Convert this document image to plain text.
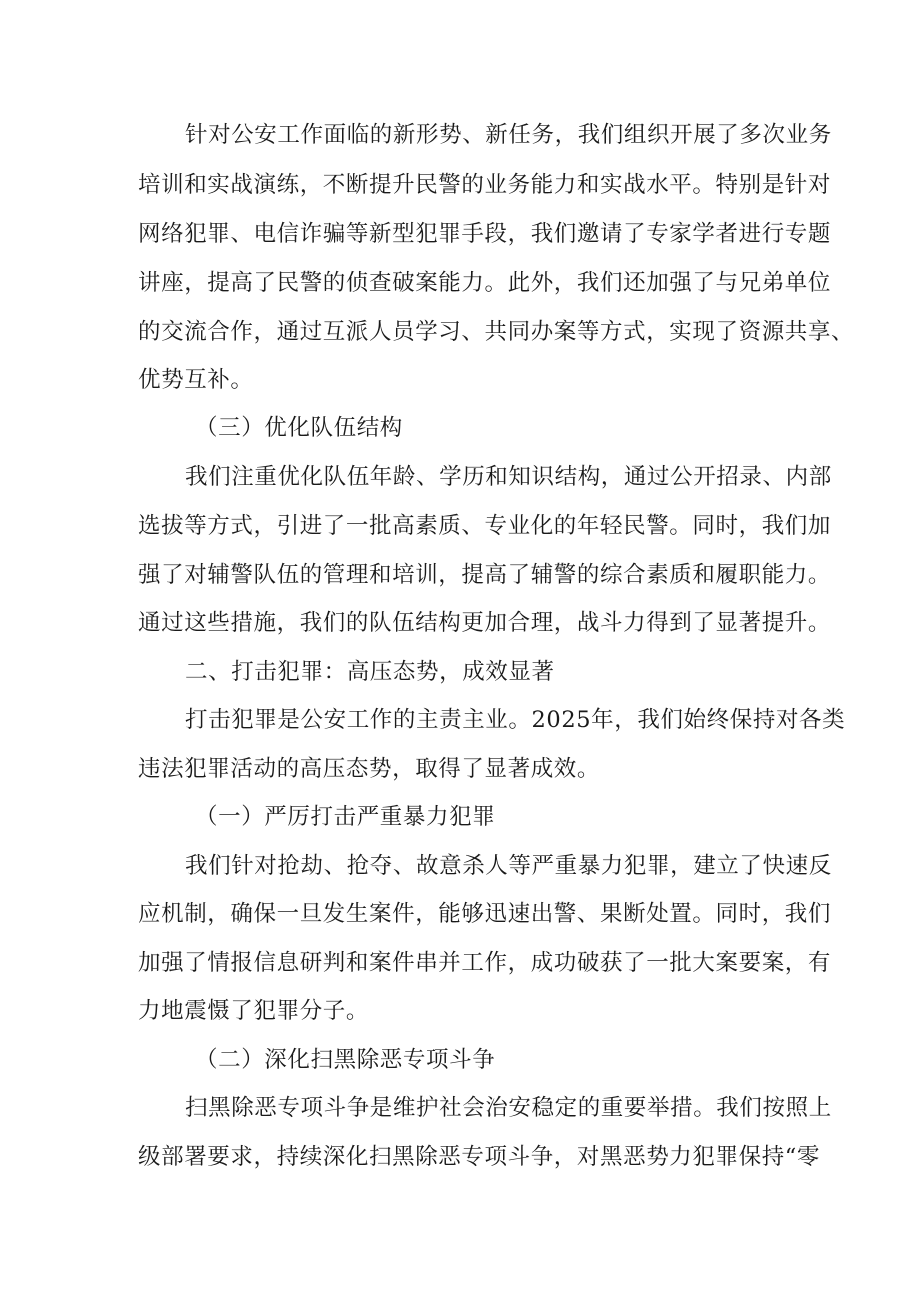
针对公安工作面临的新形势、新任务，我们组织开展了多次业务
培训和实战演练，不断提升民警的业务能力和实战水平。特别是针对
网络犯罪、电信诈骗等新型犯罪手段，我们邀请了专家学者进行专题
讲座，提高了民警的侦查破案能力。此外，我们还加强了与兄弟单位
的交流合作，通过互派人员学习、共同办案等方式，实现了资源共享、
优势互补。
（三）优化队伍结构
我们注重优化队伍年龄、学历和知识结构，通过公开招录、内部
选拔等方式，引进了一批高素质、专业化的年轻民警。同时，我们加
强了对辅警队伍的管理和培训，提高了辅警的综合素质和履职能力。
通过这些措施，我们的队伍结构更加合理，战斗力得到了显著提升。
二、打击犯罪：高压态势，成效显著
打击犯罪是公安工作的主责主业。2025年，我们始终保持对各类
违法犯罪活动的高压态势，取得了显著成效。
（一）严厉打击严重暴力犯罪
我们针对抢劫、抢夺、故意杀人等严重暴力犯罪，建立了快速反
应机制，确保一旦发生案件，能够迅速出警、果断处置。同时，我们
加强了情报信息研判和案件串并工作，成功破获了一批大案要案，有
力地震慑了犯罪分子。
（二）深化扫黑除恶专项斗争
扫黑除恶专项斗争是维护社会治安稳定的重要举措。我们按照上
级部署要求，持续深化扫黑除恶专项斗争，对黑恶势力犯罪保持“零
